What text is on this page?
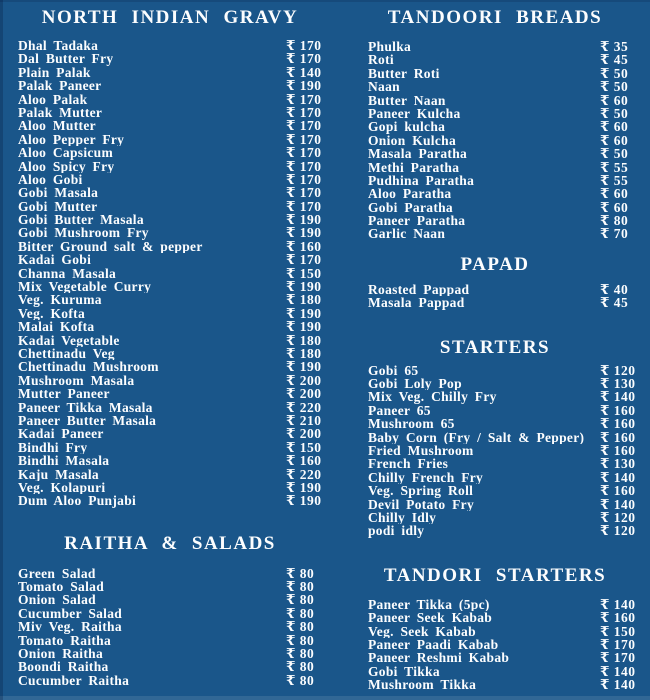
NORTH INDIAN GRAVY
Dhal Tadaka	₹ 170
Dal Butter Fry	₹ 170
Plain Palak	₹ 140
Palak Paneer	₹ 190
Aloo Palak	₹ 170
Palak Mutter	₹ 170
Aloo Mutter	₹ 170
Aloo Pepper Fry	₹ 170
Aloo Capsicum	₹ 170
Aloo Spicy Fry	₹ 170
Aloo Gobi	₹ 170
Gobi Masala	₹ 170
Gobi Mutter	₹ 170
Gobi Butter Masala	₹ 190
Gobi Mushroom Fry	₹ 190
Bitter Ground salt & pepper	₹ 160
Kadai Gobi	₹ 170
Channa Masala	₹ 150
Mix Vegetable Curry	₹ 190
Veg. Kuruma	₹ 180
Veg. Kofta	₹ 190
Malai Kofta	₹ 190
Kadai Vegetable	₹ 180
Chettinadu Veg	₹ 180
Chettinadu Mushroom	₹ 190
Mushroom Masala	₹ 200
Mutter Paneer	₹ 200
Paneer Tikka Masala	₹ 220
Paneer Butter Masala	₹ 210
Kadai Paneer	₹ 200
Bindhi Fry	₹ 150
Bindhi Masala	₹ 160
Kaju Masala	₹ 220
Veg. Kolapuri	₹ 190
Dum Aloo Punjabi	₹ 190
RAITHA & SALADS
Green Salad	₹ 80
Tomato Salad	₹ 80
Onion Salad	₹ 80
Cucumber Salad	₹ 80
Miv Veg. Raitha	₹ 80
Tomato Raitha	₹ 80
Onion Raitha	₹ 80
Boondi Raitha	₹ 80
Cucumber Raitha	₹ 80
TANDOORI BREADS
Phulka	₹ 35
Roti	₹ 45
Butter Roti	₹ 50
Naan	₹ 50
Butter Naan	₹ 60
Paneer Kulcha	₹ 50
Gopi kulcha	₹ 60
Onion Kulcha	₹ 60
Masala Paratha	₹ 50
Methi Paratha	₹ 55
Pudhina Paratha	₹ 55
Aloo Paratha	₹ 60
Gobi Paratha	₹ 60
Paneer Paratha	₹ 80
Garlic Naan	₹ 70
PAPAD
Roasted Pappad	₹ 40
Masala Pappad	₹ 45
STARTERS
Gobi 65	₹ 120
Gobi Loly Pop	₹ 130
Mix Veg. Chilly Fry	₹ 140
Paneer 65	₹ 160
Mushroom 65	₹ 160
Baby Corn (Fry / Salt & Pepper)	₹ 160
Fried Mushroom	₹ 160
French Fries	₹ 130
Chilly French Fry	₹ 140
Veg. Spring Roll	₹ 160
Devil Potato Fry	₹ 140
Chilly Idly	₹ 120
podi idly	₹ 120
TANDORI STARTERS
Paneer Tikka (5pc)	₹ 140
Paneer Seek Kabab	₹ 160
Veg. Seek Kabab	₹ 150
Paneer Paadi Kabab	₹ 170
Paneer Reshmi Kabab	₹ 170
Gobi Tikka	₹ 140
Mushroom Tikka	₹ 140
